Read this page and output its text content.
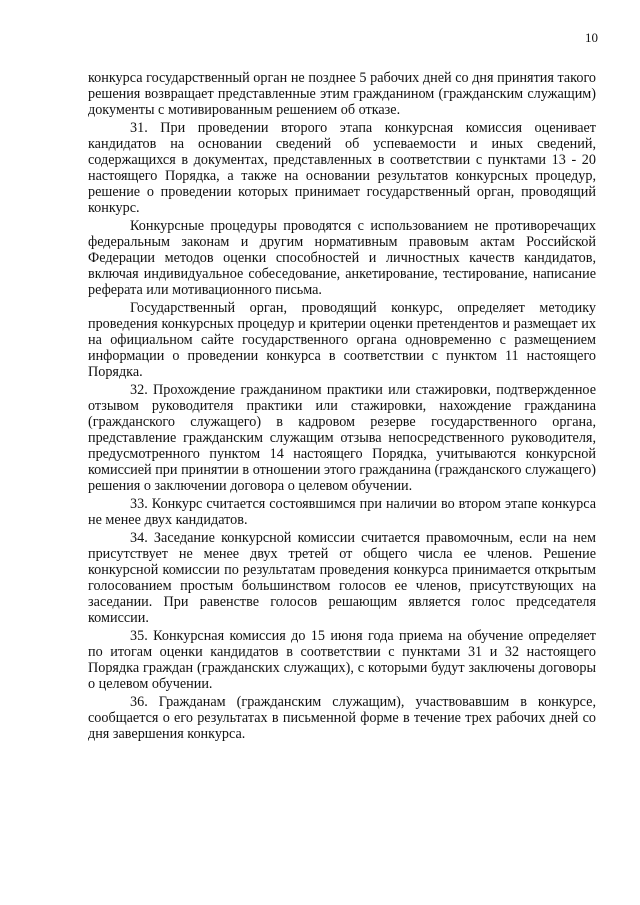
10

конкурса государственный орган не позднее 5 рабочих дней со дня принятия такого решения возвращает представленные этим гражданином (гражданским служащим) документы с мотивированным решением об отказе.

31. При проведении второго этапа конкурсная комиссия оценивает кандидатов на основании сведений об успеваемости и иных сведений, содержащихся в документах, представленных в соответствии с пунктами 13 - 20 настоящего Порядка, а также на основании результатов конкурсных процедур, решение о проведении которых принимает государственный орган, проводящий конкурс.

Конкурсные процедуры проводятся с использованием не противоречащих федеральным законам и другим нормативным правовым актам Российской Федерации методов оценки способностей и личностных качеств кандидатов, включая индивидуальное собеседование, анкетирование, тестирование, написание реферата или мотивационного письма.

Государственный орган, проводящий конкурс, определяет методику проведения конкурсных процедур и критерии оценки претендентов и размещает их на официальном сайте государственного органа одновременно с размещением информации о проведении конкурса в соответствии с пунктом 11 настоящего Порядка.

32. Прохождение гражданином практики или стажировки, подтвержденное отзывом руководителя практики или стажировки, нахождение гражданина (гражданского служащего) в кадровом резерве государственного органа, представление гражданским служащим отзыва непосредственного руководителя, предусмотренного пунктом 14 настоящего Порядка, учитываются конкурсной комиссией при принятии в отношении этого гражданина (гражданского служащего) решения о заключении договора о целевом обучении.

33. Конкурс считается состоявшимся при наличии во втором этапе конкурса не менее двух кандидатов.

34. Заседание конкурсной комиссии считается правомочным, если на нем присутствует не менее двух третей от общего числа ее членов. Решение конкурсной комиссии по результатам проведения конкурса принимается открытым голосованием простым большинством голосов ее членов, присутствующих на заседании. При равенстве голосов решающим является голос председателя комиссии.

35. Конкурсная комиссия до 15 июня года приема на обучение определяет по итогам оценки кандидатов в соответствии с пунктами 31 и 32 настоящего Порядка граждан (гражданских служащих), с которыми будут заключены договоры о целевом обучении.

36. Гражданам (гражданским служащим), участвовавшим в конкурсе, сообщается о его результатах в письменной форме в течение трех рабочих дней со дня завершения конкурса.
